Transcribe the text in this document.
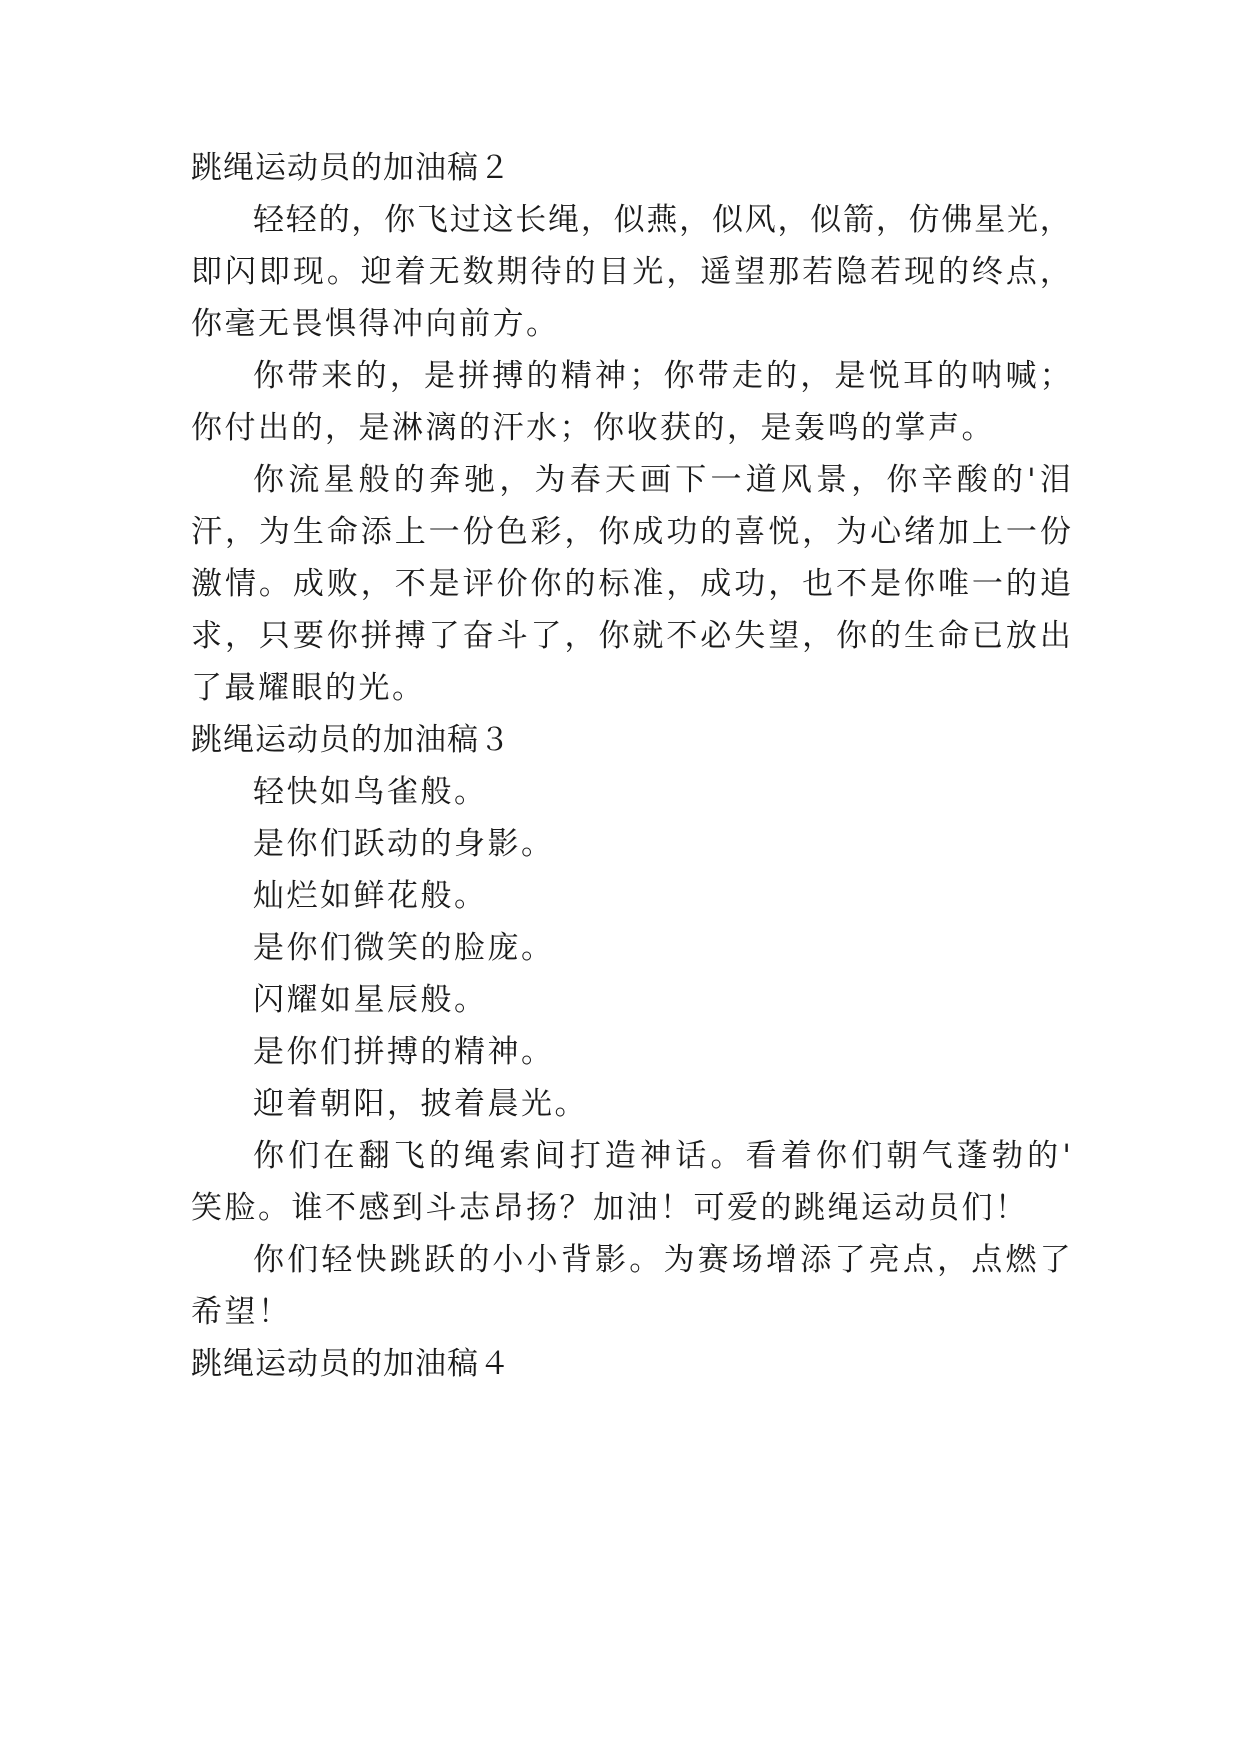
跳绳运动员的加油稿２
轻 轻 的 ， 你 飞 过 这 长 绳 ， 似 燕 ， 似 风 ， 似 箭 ， 仿 佛 星 光 ，
即 闪 即 现 。 迎 着 无 数 期 待 的 目 光 ， 遥 望 那 若 隐 若 现 的 终 点 ，
你毫无畏惧得冲向前方。
你 带 来 的 ， 是 拼 搏 的 精 神 ； 你 带 走 的 ， 是 悦 耳 的 呐 喊 ；
你付出的，是淋漓的汗水；你收获的，是轰鸣的掌声。
你 流 星 般 的 奔 驰 ， 为 春 天 画 下 一 道 风 景 ， 你 辛 酸 的 ' 泪
汗 ， 为 生 命 添 上 一 份 色 彩 ， 你 成 功 的 喜 悦 ， 为 心 绪 加 上 一 份
激 情 。 成 败 ， 不 是 评 价 你 的 标 准 ， 成 功 ， 也 不 是 你 唯 一 的 追
求 ， 只 要 你 拼 搏 了 奋 斗 了 ， 你 就 不 必 失 望 ， 你 的 生 命 已 放 出
了最耀眼的光。
跳绳运动员的加油稿３
轻快如鸟雀般。
是你们跃动的身影。
灿烂如鲜花般。
是你们微笑的脸庞。
闪耀如星辰般。
是你们拼搏的精神。
迎着朝阳，披着晨光。
你 们 在 翻 飞 的 绳 索 间 打 造 神 话 。 看 着 你 们 朝 气 蓬 勃 的 '
笑脸。谁不感到斗志昂扬？加油！可爱的跳绳运动员们！
你 们 轻 快 跳 跃 的 小 小 背 影 。 为 赛 场 增 添 了 亮 点 ， 点 燃 了
希望！
跳绳运动员的加油稿４
